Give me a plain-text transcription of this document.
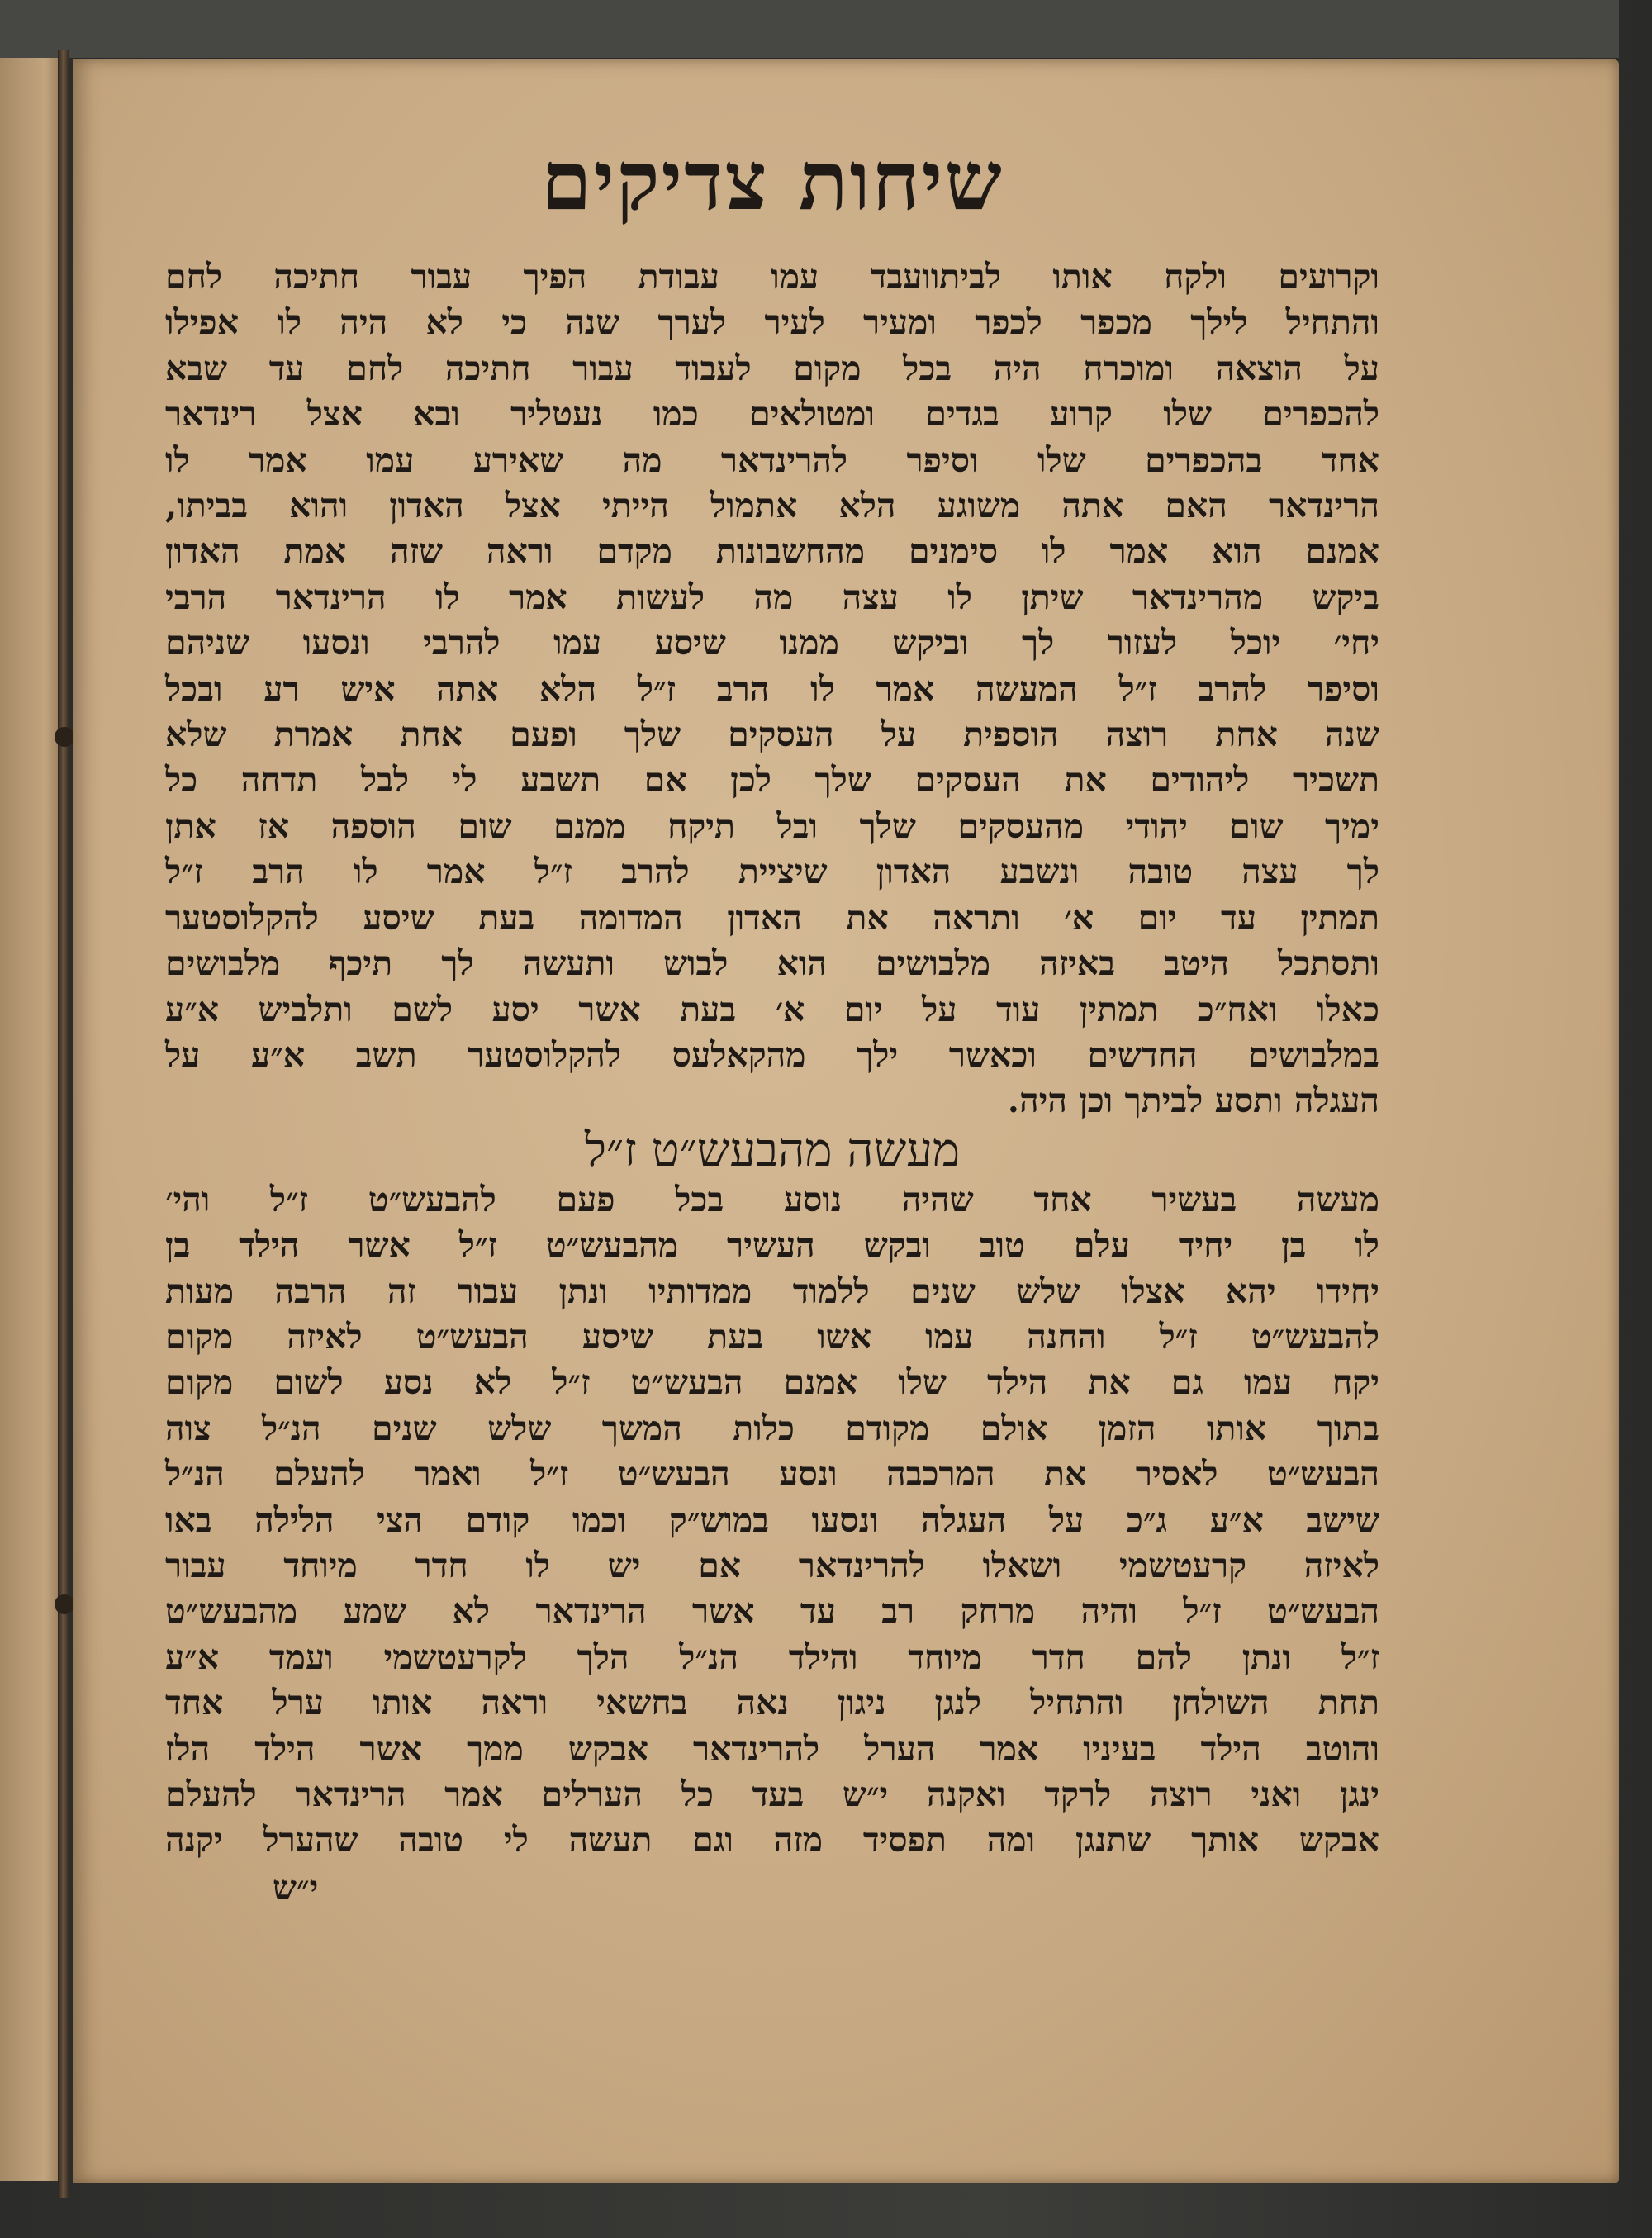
שיחות צדיקים
וקרועים ולקח אותו לביתוועבד עמו עבודת הפיך עבור חתיכה לחם
והתחיל לילך מכפר לכפר ומעיר לעיר לערך שנה כי לא היה לו אפילו
על הוצאה ומוכרח היה בכל מקום לעבוד עבור חתיכה לחם עד שבא
להכפרים שלו קרוע בגדים ומטולאים כמו נעטליר ובא אצל רינדאר
אחד בהכפרים שלו וסיפר להרינדאר מה שאירע עמו אמר לו
הרינדאר האם אתה משוגע הלא אתמול הייתי אצל האדון והוא בביתו,
אמנם הוא אמר לו סימנים מהחשבונות מקדם וראה שזה אמת האדון
ביקש מהרינדאר שיתן לו עצה מה לעשות אמר לו הרינדאר הרבי
יחי׳ יוכל לעזור לך וביקש ממנו שיסע עמו להרבי ונסעו שניהם
וסיפר להרב ז״ל המעשה אמר לו הרב ז״ל הלא אתה איש רע ובכל
שנה אחת רוצה הוספית על העסקים שלך ופעם אחת אמרת שלא
תשכיר ליהודים את העסקים שלך לכן אם תשבע לי לבל תדחה כל
ימיך שום יהודי מהעסקים שלך ובל תיקח ממנם שום הוספה אז אתן
לך עצה טובה ונשבע האדון שיציית להרב ז״ל אמר לו הרב ז״ל
תמתין עד יום א׳ ותראה את האדון המדומה בעת שיסע להקלוסטער
ותסתכל היטב באיזה מלבושים הוא לבוש ותעשה לך תיכף מלבושים
כאלו ואח״כ תמתין עוד על יום א׳ בעת אשר יסע לשם ותלביש א״ע
במלבושים החדשים וכאשר ילך מהקאלעס להקלוסטער תשב א״ע על
העגלה ותסע לביתך וכן היה.
מעשה מהבעש״ט ז״ל
מעשה בעשיר אחד שהיה נוסע בכל פעם להבעש״ט ז״ל והי׳
לו בן יחיד עלם טוב ובקש העשיר מהבעש״ט ז״ל אשר הילד בן
יחידו יהא אצלו שלש שנים ללמוד ממדותיו ונתן עבור זה הרבה מעות
להבעש״ט ז״ל והחנה עמו אשו בעת שיסע הבעש״ט לאיזה מקום
יקח עמו גם את הילד שלו אמנם הבעש״ט ז״ל לא נסע לשום מקום
בתוך אותו הזמן אולם מקודם כלות המשך שלש שנים הנ״ל צוה
הבעש״ט לאסיר את המרכבה ונסע הבעש״ט ז״ל ואמר להעלם הנ״ל
שישב א״ע ג״כ על העגלה ונסעו במוש״ק וכמו קודם הצי הלילה באו
לאיזה קרעטשמי ושאלו להרינדאר אם יש לו חדר מיוחד עבור
הבעש״ט ז״ל והיה מרחק רב עד אשר הרינדאר לא שמע מהבעש״ט
ז״ל ונתן להם חדר מיוחד והילד הנ״ל הלך לקרעטשמי ועמד א״ע
תחת השולחן והתחיל לנגן ניגון נאה בחשאי וראה אותו ערל אחד
והוטב הילד בעיניו אמר הערל להרינדאר אבקש ממך אשר הילד הלז
ינגן ואני רוצה לרקד ואקנה י״ש בעד כל הערלים אמר הרינדאר להעלם
אבקש אותך שתנגן ומה תפסיד מזה וגם תעשה לי טובה שהערל יקנה
י״ש
